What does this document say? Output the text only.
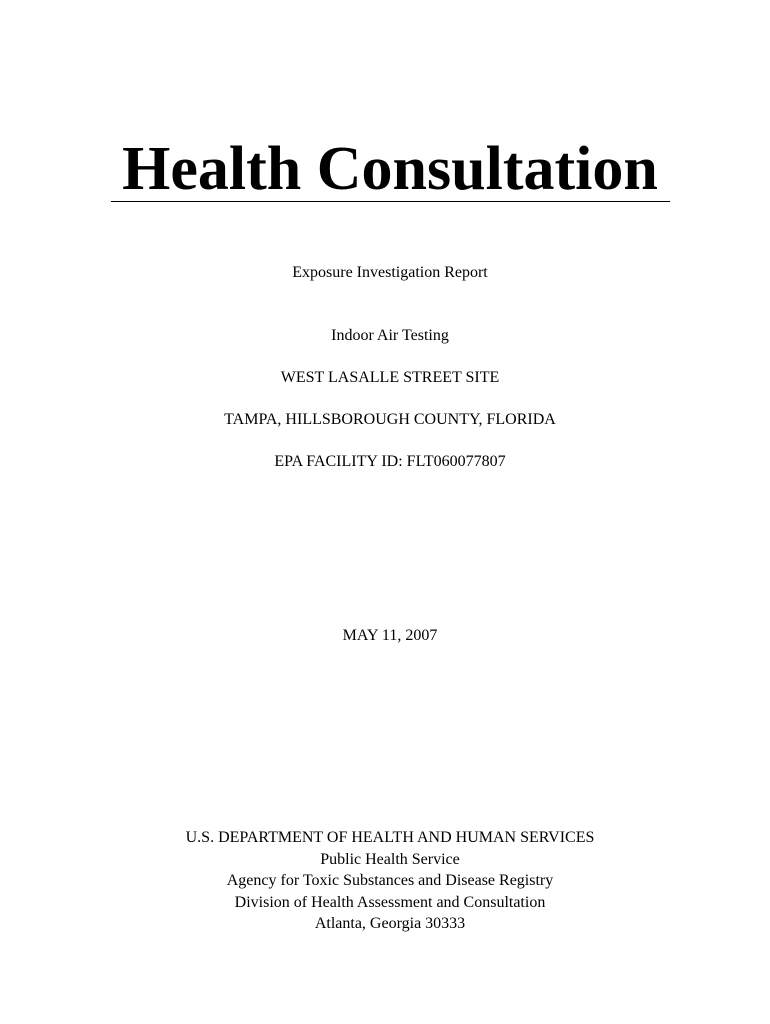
Health Consultation
Exposure Investigation Report
Indoor Air Testing
WEST LASALLE STREET SITE
TAMPA, HILLSBOROUGH COUNTY, FLORIDA
EPA FACILITY ID: FLT060077807
MAY 11, 2007
U.S. DEPARTMENT OF HEALTH AND HUMAN SERVICES
Public Health Service
Agency for Toxic Substances and Disease Registry
Division of Health Assessment and Consultation
Atlanta, Georgia 30333
